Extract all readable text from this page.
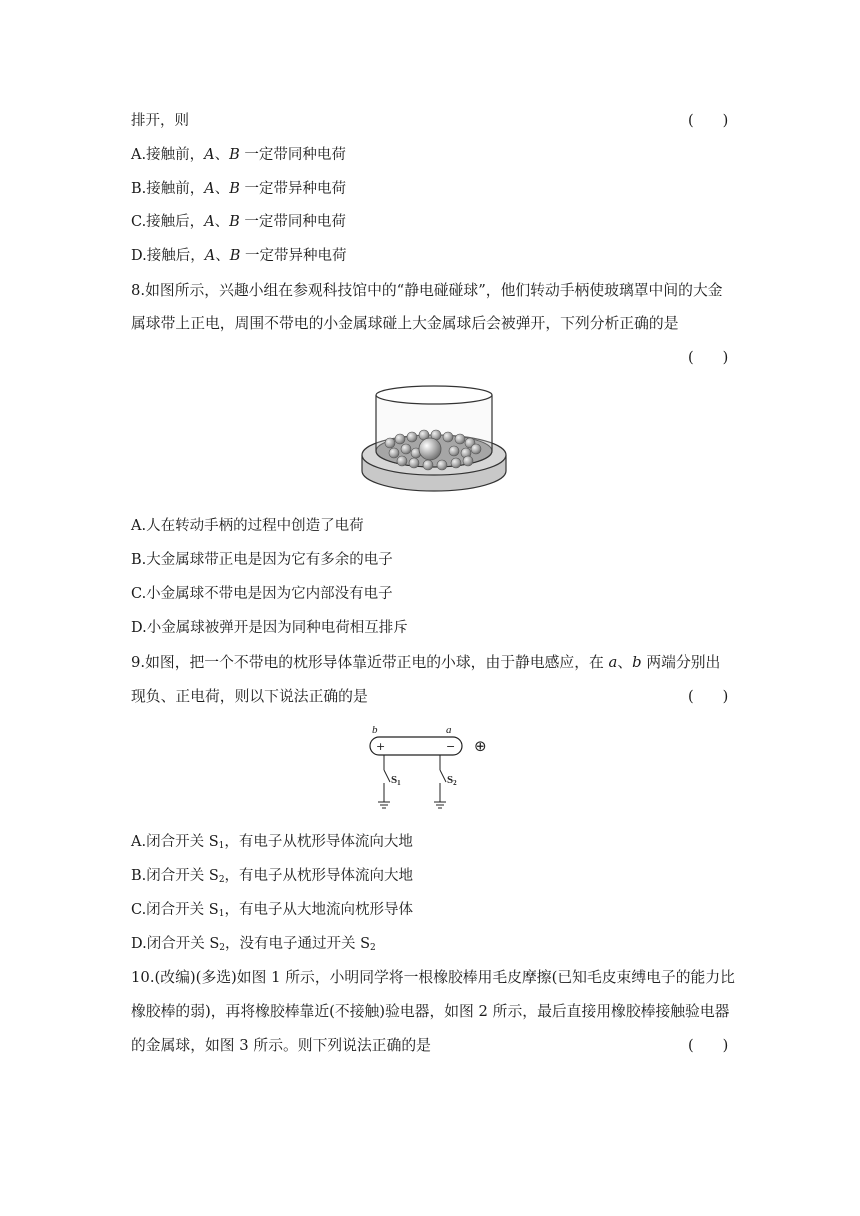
排开，则	(　　)
A.接触前，A、B 一定带同种电荷
B.接触前，A、B 一定带异种电荷
C.接触后，A、B 一定带同种电荷
D.接触后，A、B 一定带异种电荷
8.如图所示，兴趣小组在参观科技馆中的“静电碰碰球”，他们转动手柄使玻璃罩中间的大金
属球带上正电，周围不带电的小金属球碰上大金属球后会被弹开，下列分析正确的是
(　　)
A.人在转动手柄的过程中创造了电荷
B.大金属球带正电是因为它有多余的电子
C.小金属球不带电是因为它内部没有电子
D.小金属球被弹开是因为同种电荷相互排斥
9.如图，把一个不带电的枕形导体靠近带正电的小球，由于静电感应，在 a、b 两端分别出
现负、正电荷，则以下说法正确的是	(　　)
b	a
+	− ⊕
S1	S2
A.闭合开关 $S_1$，有电子从枕形导体流向大地
B.闭合开关 $S_2$，有电子从枕形导体流向大地
C.闭合开关 $S_1$，有电子从大地流向枕形导体
D.闭合开关 $S_2$，没有电子通过开关 $S_2$
10.(改编)(多选)如图 1 所示，小明同学将一根橡胶棒用毛皮摩擦(已知毛皮束缚电子的能力比
橡胶棒的弱)，再将橡胶棒靠近(不接触)验电器，如图 2 所示，最后直接用橡胶棒接触验电器
的金属球，如图 3 所示。则下列说法正确的是	(　　)
